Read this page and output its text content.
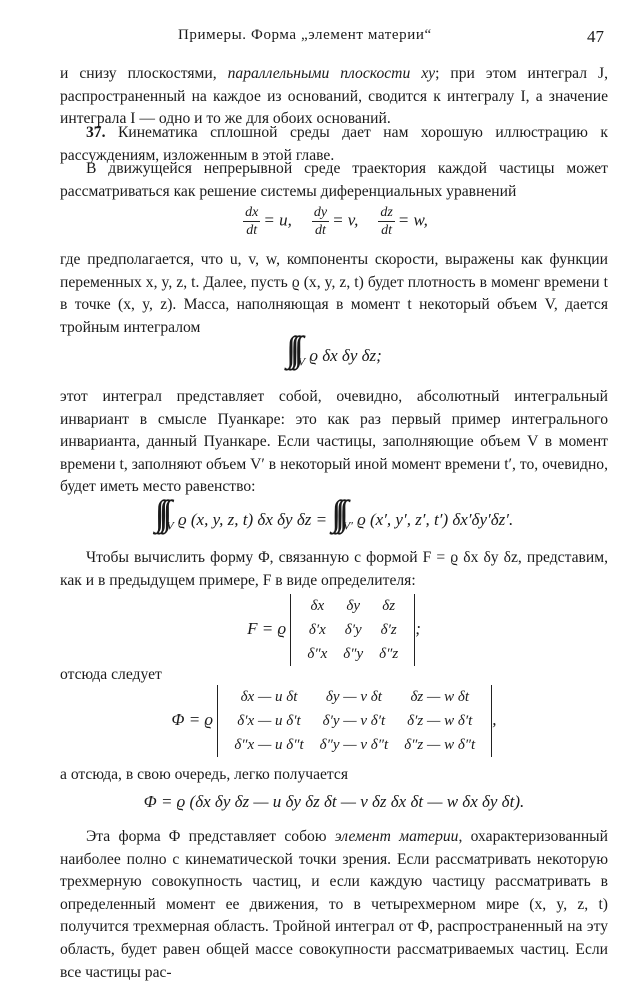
Примеры. Форма „элемент материи“	47
и снизу плоскостями, параллельными плоскости xy; при этом интеграл J, распространенный на каждое из оснований, сводится к интегралу I, а значение интеграла I — одно и то же для обоих оснований.
37. Кинематика сплошной среды дает нам хорошую иллюстрацию к рассуждениям, изложенным в этой главе.
В движущейся непрерывной среде траектория каждой частицы может рассматриваться как решение системы диференциальных уравнений
$\frac{dx}{dt} = u$, $\frac{dy}{dt} = v$, $\frac{dz}{dt} = w$,
где предполагается, что u, v, w, компоненты скорости, выражены как функции переменных x, y, z, t. Далее, пусть ϱ (x, y, z, t) будет плотность в моменг времени t в точке (x, y, z). Масса, наполняющая в момент t некоторый объем V, дается тройным интегралом
$\int\int\int_V$ ϱ δx δy δz;
этот интеграл представляет собой, очевидно, абсолютный интегральный инвариант в смысле Пуанкаре: это как раз первый пример интегрального инварианта, данный Пуанкаре. Если частицы, заполняющие объем V в момент времени t, заполняют объем V′ в некоторый иной момент времени t′, то, очевидно, будет иметь место равенство:
$\int\int\int_V$ ϱ (x, y, z, t) δx δy $\delta z = \int\int\int_{V'}$ ϱ (x′, y′, z′, t′) δx′δy′δz′.
Чтобы вычислить форму Φ, связанную с формой F = ϱ δx δy δz, представим, как и в предыдущем примере, F в виде определителя:
F = ϱ
δx	δy	δz
δ′x	δ′y	δ′z
δ″x	δ″y	δ″z
;
отсюда следует
Φ = ϱ
δx — u δt	δy — v δt	δz — w δt
δ′x — u δ′t	δ′y — v δ′t	δ′z — w δ′t
δ″x — u δ″t	δ″y — v δ″t	δ″z — w δ″t
,
а отсюда, в свою очередь, легко получается
Φ = ϱ (δx δy δz — u δy δz δt — v δz δx δt — w δx δy δt).
Эта форма Φ представляет собою элемент материи, охарактеризованный наиболее полно с кинематической точки зрения. Если рассматривать некоторую трехмерную совокупность частиц, и если каждую частицу рассматривать в определенный момент ее движения, то в четырехмерном мире (x, y, z, t) получится трехмерная область. Тройной интеграл от Φ, распространенный на эту область, будет равен общей массе совокупности рассматриваемых частиц. Если все частицы рас-
